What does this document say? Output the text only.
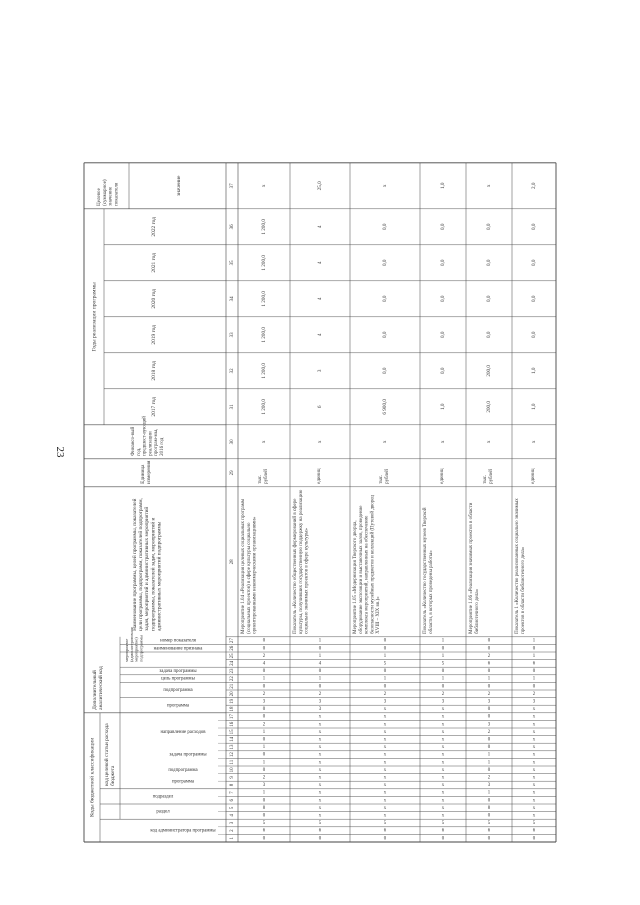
23
Коды бюджетной классификации
Дополнительныйаналитический код
код целевой статьи расходабюджета
код администратора программы
раздел
подраздел
программа
подпрограмма
задача программы
направление расходов
программа
подпрограмма
цель программы
задача программы
мероприятие(административноемероприятие)подпрограммы наименование признака
номер показателя
Наименование программы, целей программы, показателейцели программы, подпрограмм, показателей подпрограмм,задач, мероприятий и административных мероприятийподпрограммы, показателей задач, мероприятий иадминистративных мероприятий подпрограммы
Единицаизмерения
Финансо-выйгод,предшест-вующийреализациипрограм-мы,2016 год
Годы реализации программы
2017 год
2018 год
2019 год
2020 год
2021 год
2022 год
Целевое(суммарное)значениепоказателя	значение
1
2
3
4
5
6
7
8
9
10
11
12
13
14
15
16
17
18
19
20
21
22
23
24
25
26
27
28
29
30
31
32
33
34
35
36
37
0
6
5
0
8
0
1
3
2
0
1
0
1
0
1
2
0
0
3
2
0
1
0
4
2
0
0
Мероприятие 1.04 «Реализация целевых социальных программ(социальных проектов) в сфере культуры социальноориентированными некоммерческими организациями»
тыс.рублей
х
1 200,0
1 200,0
1 200,0
1 200,0
1 200,0
1 200,0
х
0
6
5
х
х
х
х
х
х
х
х
х
х
х
х
х
х
3
3
2
0
1
0
4
1
0
1
Показатель «Количество общественных формирований в сферекультуры, получивших государственную поддержку на реализациюсоциально значимых проектов в сфере культуры»
единиц
х
6
3
4
4
4
4
25,0
0
6
5
х
х
х
х
х
х
х
х
х
х
х
х
х
х
х
3
2
0
1
0
5
1
0
0
Мероприятие 1.05 «Модернизация Тверского дворца,оборудование экспозиции и выставочных залов, проведениекомплекса мероприятий, направленных на обеспечениебезопасности музейных предметов и коллекций (Путевой дворецXVIII – XIX вв.)»
тыс.рублей
х
6 900,0
0,0
0,0
0,0
0,0
0,0
х
0
6
5
х
х
х
х
х
х
х
х
х
х
х
х
х
х
х
3
2
0
1
0
5
1
0
1
Показатель «Количество государственных музеев Тверскойобласти, в которых проведены работы»
единиц
х
1,0
0,0
0,0
0,0
0,0
0,0
1,0
0
6
5
0
8
0
1
3
2
0
1
1
0
0
2
3
0
0
3
2
0
1
0
6
2
0
0
Мероприятие 1.06 «Реализация значимых проектов в областибиблиотечного дела»
тыс.рублей
х
200,0
200,0
0,0
0,0
0,0
0,0
х
0
6
5
х
х
х
х
х
х
х
х
х
х
х
х
х
х
х
3
2
0
1
0
6
1
0
1
Показатель 1 «Количество реализованных социально значимыхпроектов в области библиотечного дела»
единиц
х
1,0
1,0
0,0
0,0
0,0
0,0
2,0
